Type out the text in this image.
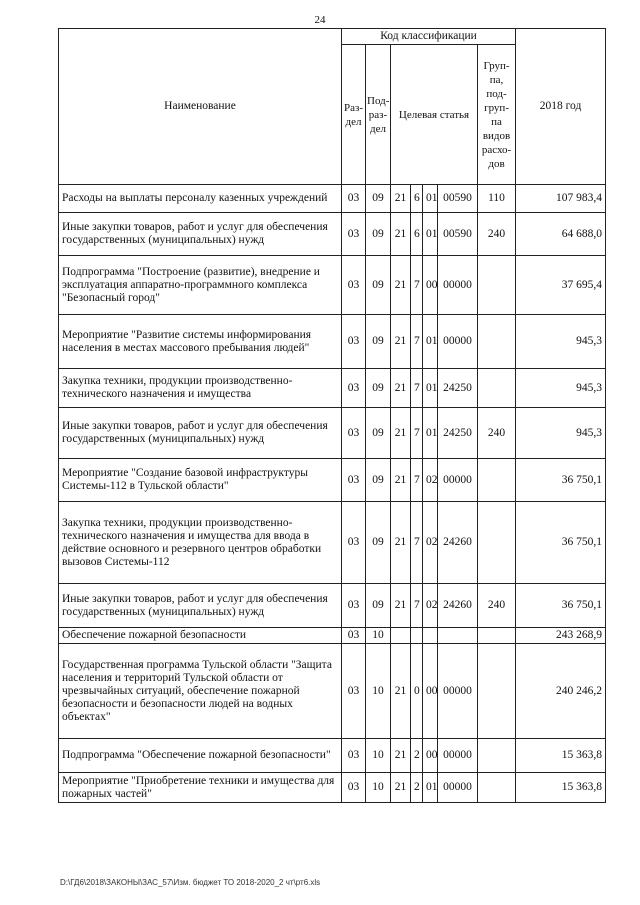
24
Наименование	Код классификации							2018 год
	Раз- дел	Под- раз- дел	Целевая статья				Груп- па, под- груп- па видов расхо- дов	
Расходы на выплаты персоналу казенных учреждений	03	09	21	6	01	00590	110	107 983,4
Иные закупки товаров, работ и услуг для обеспечения государственных (муниципальных) нужд	03	09	21	6	01	00590	240	64 688,0
Подпрограмма "Построение (развитие), внедрение и эксплуатация аппаратно-программного комплекса "Безопасный город"	03	09	21	7	00	00000		37 695,4
Мероприятие "Развитие системы информирования населения в местах массового пребывания людей"	03	09	21	7	01	00000		945,3
Закупка техники, продукции производственно-технического назначения и имущества	03	09	21	7	01	24250		945,3
Иные закупки товаров, работ и услуг для обеспечения государственных (муниципальных) нужд	03	09	21	7	01	24250	240	945,3
Мероприятие "Создание базовой инфраструктуры Системы-112 в Тульской области"	03	09	21	7	02	00000		36 750,1
Закупка техники, продукции производственно-технического назначения и имущества для ввода в действие основного и резервного центров обработки вызовов Системы-112	03	09	21	7	02	24260		36 750,1
Иные закупки товаров, работ и услуг для обеспечения государственных (муниципальных) нужд	03	09	21	7	02	24260	240	36 750,1
Обеспечение пожарной безопасности	03	10						243 268,9
Государственная программа Тульской области "Защита населения и территорий Тульской области от чрезвычайных ситуаций, обеспечение пожарной безопасности и безопасности людей на водных объектах"	03	10	21	0	00	00000		240 246,2
Подпрограмма "Обеспечение пожарной безопасности"	03	10	21	2	00	00000		15 363,8
Мероприятие "Приобретение техники и имущества для пожарных частей"	03	10	21	2	01	00000		15 363,8
D:\ГД6\2018\ЗАКОНЫ\ЗАС_57\Изм. бюджет ТО 2018-2020_2 чт\рт6.xls
